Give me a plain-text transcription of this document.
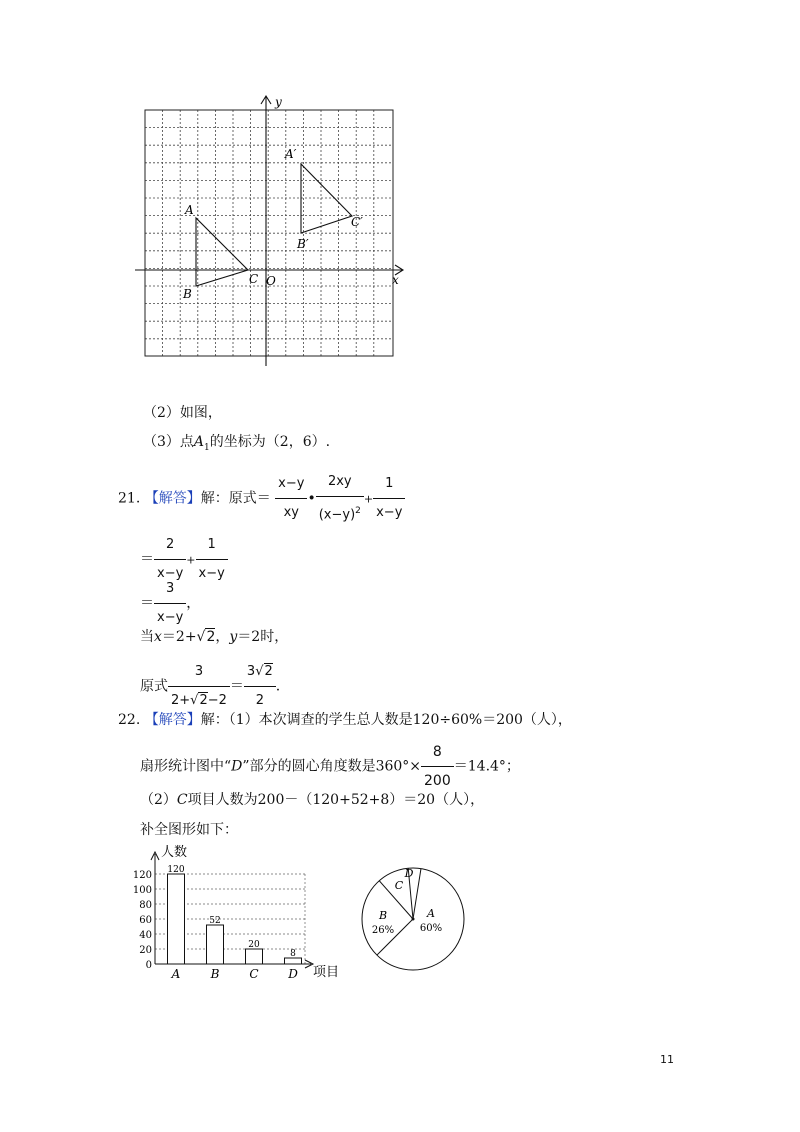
y
x
O
A
B
C
A′
B′
C′
（2）如图，
（3）点$A_1$的坐标为（2，6）.
21. 【解答】解：原式＝ $\frac{x-y}{xy}$ • $\frac{2xy}{(x-y)^2} + \frac{1}{x-y}$
＝ $\frac{2}{x-y} + \frac{1}{x-y}$
＝ $\frac{3}{x-y}$ ，
当x＝2+√2，y＝2时，
原式 $\frac{3}{2+√2-2} = \frac{3√2}{2}$ .
22. 【解答】解：（1）本次调查的学生总人数是120÷60%＝200（人），
扇形统计图中“D”部分的圆心角度数是$360^\circ\times \frac{8}{200} =14.4^\circ$；
（2）C项目人数为200－（120+52+8）＝20（人），
补全图形如下：
人数
项目
0
20
40
60
80
100
120 120
A
52
B
20
C
8
D
A
60%
B
26%
C
D
11
